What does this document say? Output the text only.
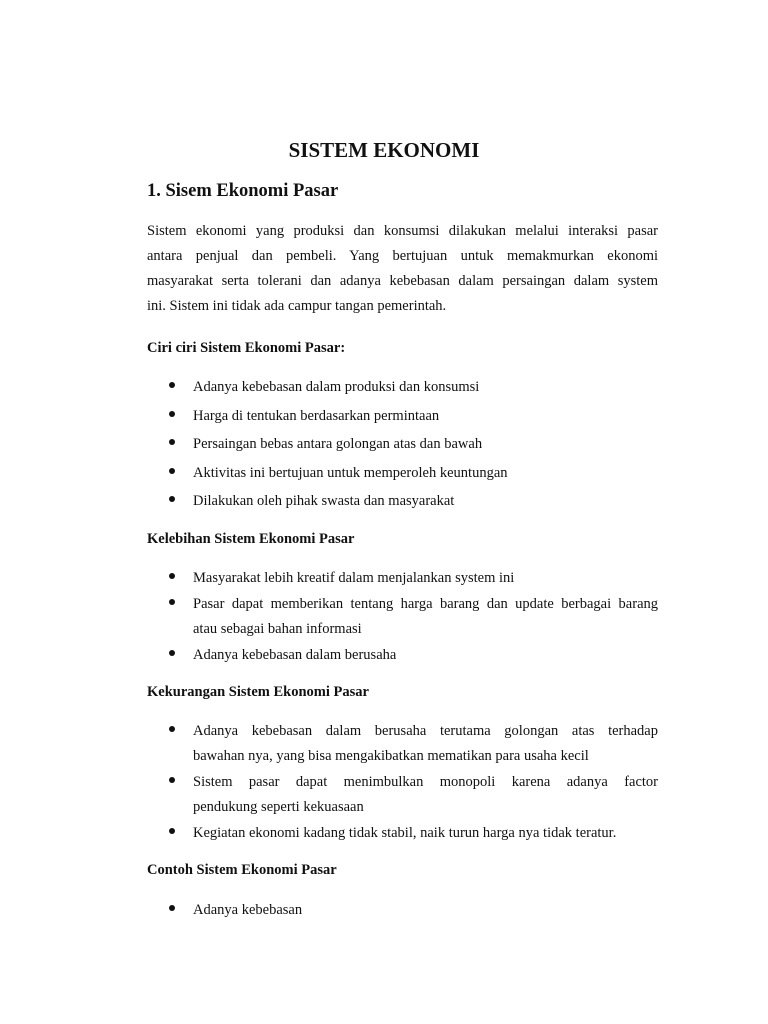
SISTEM EKONOMI
1. Sisem Ekonomi Pasar
Sistem ekonomi yang produksi dan konsumsi dilakukan melalui interaksi pasar
antara penjual dan pembeli. Yang bertujuan untuk memakmurkan ekonomi
masyarakat serta tolerani dan adanya kebebasan dalam persaingan dalam system
ini. Sistem ini tidak ada campur tangan pemerintah.
Ciri ciri Sistem Ekonomi Pasar:
Adanya kebebasan dalam produksi dan konsumsi
Harga di tentukan berdasarkan permintaan
Persaingan bebas antara golongan atas dan bawah
Aktivitas ini bertujuan untuk memperoleh keuntungan
Dilakukan oleh pihak swasta dan masyarakat
Kelebihan Sistem Ekonomi Pasar
Masyarakat lebih kreatif dalam menjalankan system ini
Pasar dapat memberikan tentang harga barang dan update berbagai barang
atau sebagai bahan informasi
Adanya kebebasan dalam berusaha
Kekurangan Sistem Ekonomi Pasar
Adanya kebebasan dalam berusaha terutama golongan atas terhadap
bawahan nya, yang bisa mengakibatkan mematikan para usaha kecil
Sistem pasar dapat menimbulkan monopoli karena adanya factor
pendukung seperti kekuasaan
Kegiatan ekonomi kadang tidak stabil, naik turun harga nya tidak teratur.
Contoh Sistem Ekonomi Pasar
Adanya kebebasan
